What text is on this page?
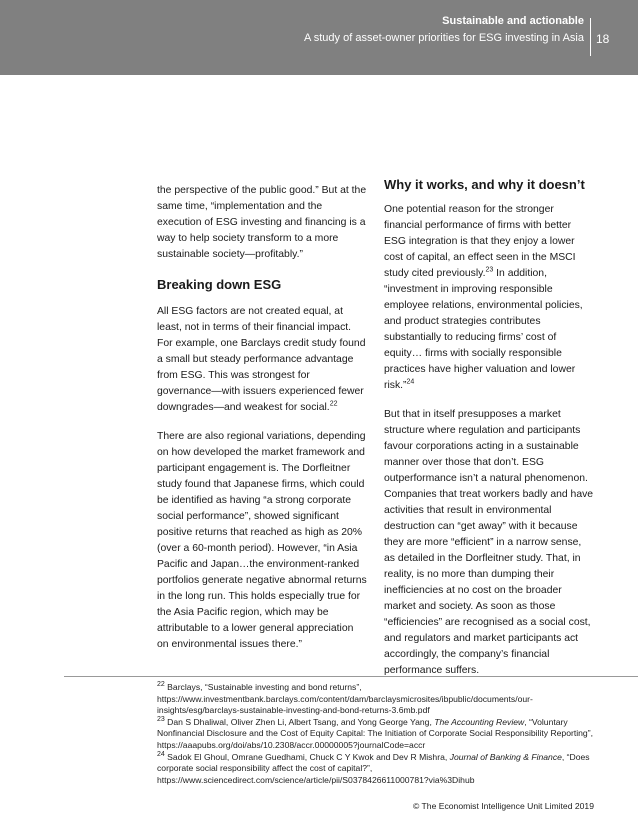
Sustainable and actionable
A study of asset-owner priorities for ESG investing in Asia 18

the perspective of the public good.” But at the same time, “implementation and the execution of ESG investing and financing is a way to help society transform to a more sustainable society—profitably.”

Breaking down ESG

All ESG factors are not created equal, at least, not in terms of their financial impact. For example, one Barclays credit study found a small but steady performance advantage from ESG. This was strongest for governance—with issuers experienced fewer downgrades—and weakest for social.$^{22}$

There are also regional variations, depending on how developed the market framework and participant engagement is. The Dorfleitner study found that Japanese firms, which could be identified as having “a strong corporate social performance”, showed significant positive returns that reached as high as 20% (over a 60-month period). However, “in Asia Pacific and Japan…the environment-ranked portfolios generate negative abnormal returns in the long run. This holds especially true for the Asia Pacific region, which may be attributable to a lower general appreciation on environmental issues there.”

Why it works, and why it doesn’t

One potential reason for the stronger financial performance of firms with better ESG integration is that they enjoy a lower cost of capital, an effect seen in the MSCI study cited previously.$^{23}$ In addition, “investment in improving responsible employee relations, environmental policies, and product strategies contributes substantially to reducing firms’ cost of equity… firms with socially responsible practices have higher valuation and lower risk.”$^{24}$

But that in itself presupposes a market structure where regulation and participants favour corporations acting in a sustainable manner over those that don’t. ESG outperformance isn’t a natural phenomenon. Companies that treat workers badly and have activities that result in environmental destruction can “get away” with it because they are more “efficient” in a narrow sense, as detailed in the Dorfleitner study. That, in reality, is no more than dumping their inefficiencies at no cost on the broader market and society. As soon as those “efficiencies” are recognised as a social cost, and regulators and market participants act accordingly, the company’s financial performance suffers.

$^{22}$ Barclays, “Sustainable investing and bond returns”, https://www.investmentbank.barclays.com/content/dam/barclaysmicrosites/ibpublic/documents/our-insights/esg/barclays-sustainable-investing-and-bond-returns-3.6mb.pdf

$^{23}$ Dan S Dhaliwal, Oliver Zhen Li, Albert Tsang, and Yong George Yang, The Accounting Review, “Voluntary Nonfinancial Disclosure and the Cost of Equity Capital: The Initiation of Corporate Social Responsibility Reporting”, https://aaapubs.org/doi/abs/10.2308/accr.00000005?journalCode=accr

$^{24}$ Sadok El Ghoul, Omrane Guedhami, Chuck C Y Kwok and Dev R Mishra, Journal of Banking & Finance, “Does corporate social responsibility affect the cost of capital?”, https://www.sciencedirect.com/science/article/pii/S0378426611000781?via%3Dihub

© The Economist Intelligence Unit Limited 2019
